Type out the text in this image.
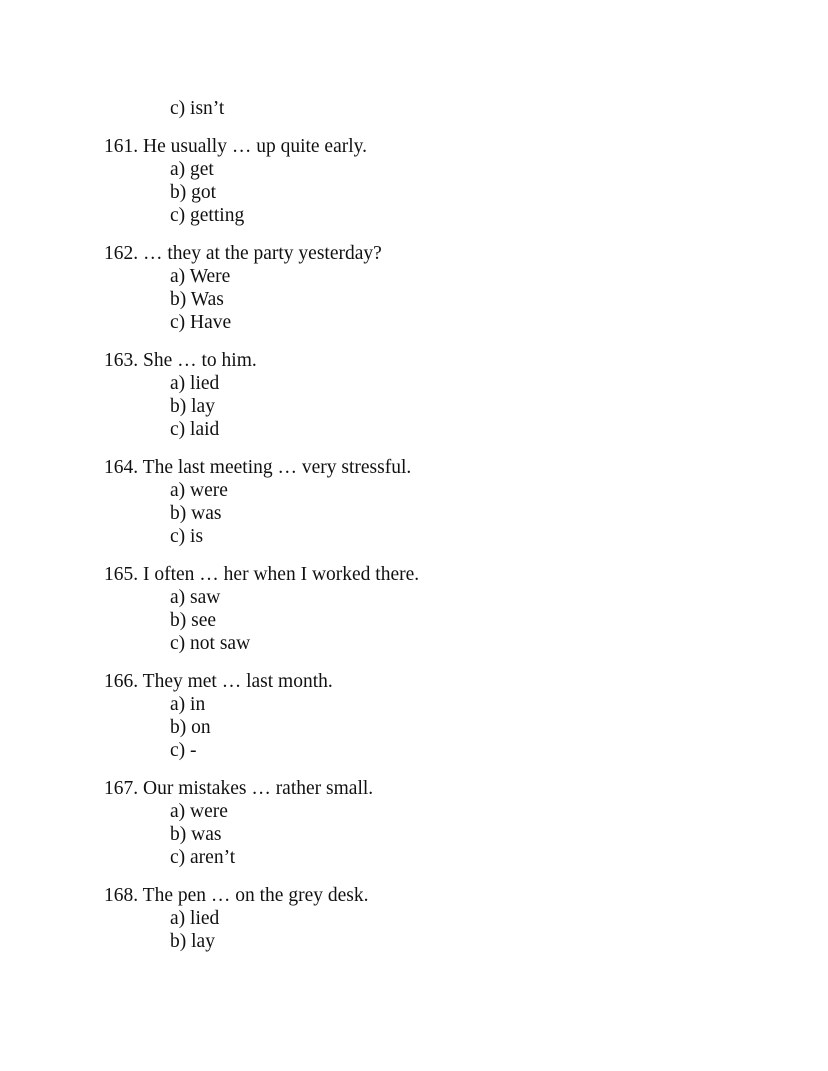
c) isn’t
161. He usually … up quite early.
a) get
b) got
c) getting
162. … they at the party yesterday?
a) Were
b) Was
c) Have
163. She … to him.
a) lied
b) lay
c) laid
164. The last meeting … very stressful.
a) were
b) was
c) is
165. I often … her when I worked there.
a) saw
b) see
c) not saw
166. They met … last month.
a) in
b) on
c) -
167. Our mistakes … rather small.
a) were
b) was
c) aren’t
168. The pen … on the grey desk.
a) lied
b) lay
